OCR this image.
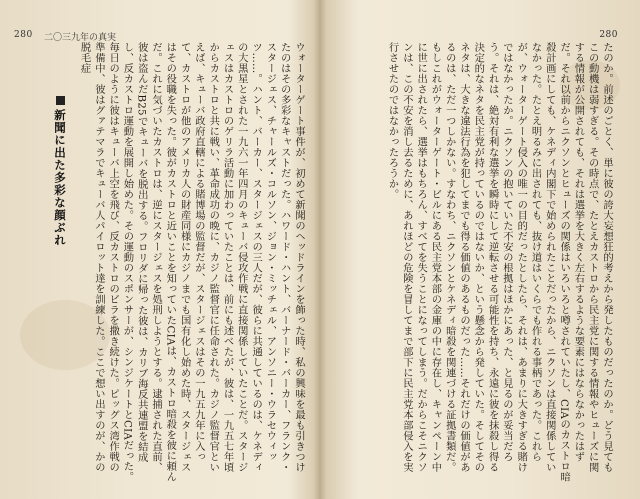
280 二〇三九年の真実
新聞に出た多彩な顔ぶれ	ウォーターゲート事件が、初めて新聞のヘッドラインを飾った時、私の興味を最も引きつけたのはその多彩なキャストだった。ハワード・ハント、バーナード・バーカー、フランク・スタージェス、チャールズ・コルソン、ジョン・ミッチェル、アンソニー・ウラセウィッツ……。ハント、バーカー、スタージェスの三人だが、彼らに共通しているのは、ケネディの大黒星とされた一九六一年四月のキューバ侵攻作戦に直接関係していたことだ。スタージェスはカストロのゲリラ活動に加わっていたことは、前にも述べたが、彼は、一九五七年頃からカストロと共に戦い、革命成功の晩に、カジノ監督官に任命された。カジノ監督官といえば、キューバ政府直轄による賭博場の監督だが、スタージェスはその一九五九年に入って、カストロが他のアメリカ人の財産同様にカジノまでも国有化し始めた時、スタージェスはその役職を失った。彼がカストロと近いことを知っていたCIAは、カストロ暗殺を彼に頼んだ。これに気づいたカストロは、逆にスタージェスを処刑しようとする。逮捕された直前、彼は盗んだB25でキューバを脱出する。フロリダに帰った彼は、カリブ海反共連盟を結成し、反カストロ運動を展開し始めた。その運動のスポンサーが、シンジケートとCIAだった。毎日のように彼はキューバ上空を飛び、反カストロのビラを撒き続けた。ピッグス湾作戦の準備中、彼はグァテマラでキューバ人パイロット達を訓練した。ここで想い出すのが、かの脱毛症
280
たのか。前述のごとく、単に彼の誇大妄想狂的考えから発したものだったのか。どう見てもこの動機は弱すぎる。その時点で、たとえカストロから民主党に関する情報やヒューズに関する情報が公開されても、それは選挙を大きく左右するような要素にはならなかったはずだ。それ以前からニクソンとヒューズの関係はいろいろと噂されていたし、CIAのカストロ暗殺計画にしても、ケネディ内閣下で始められたことだったから、ニクソンは直接関係していなかった。たとえ明るみに出されても、抜け道はいくらでも作れる事柄であった。これらが、ウォーターゲート侵入の唯一の目的だったとしたら、それは、あまりに大きすぎる賭けではなかったか。ニクソンの抱いていた不安の根拠はほかにあった、と見るのが妥当だろう。それは、絶対有利な選挙を瞬時にして逆転させる可能性を持ち、永遠に彼を抹殺し得る決定的なネタを民主党が持っているのではないか、という懸念から発していた。そしてそのネタは、大きな違法行為を犯してまでも得る価値のあるものだった……それだけの価値があるのは、ただ一つしかない。すなわち、ニクソンとケネディ暗殺を関連づける証拠書類だ。もしこれがウォーターゲート・ビルにある民主党本部の金庫の中に存在し、キャンペーン中に世に出されたら、選挙はもちろん、すべてを失うことになってしまう。だからこそニクソンは、この不安を消し去るために、あれほどの危険を冒してまで部下に民主党本部侵入を実行させたのではなかったろうか。
